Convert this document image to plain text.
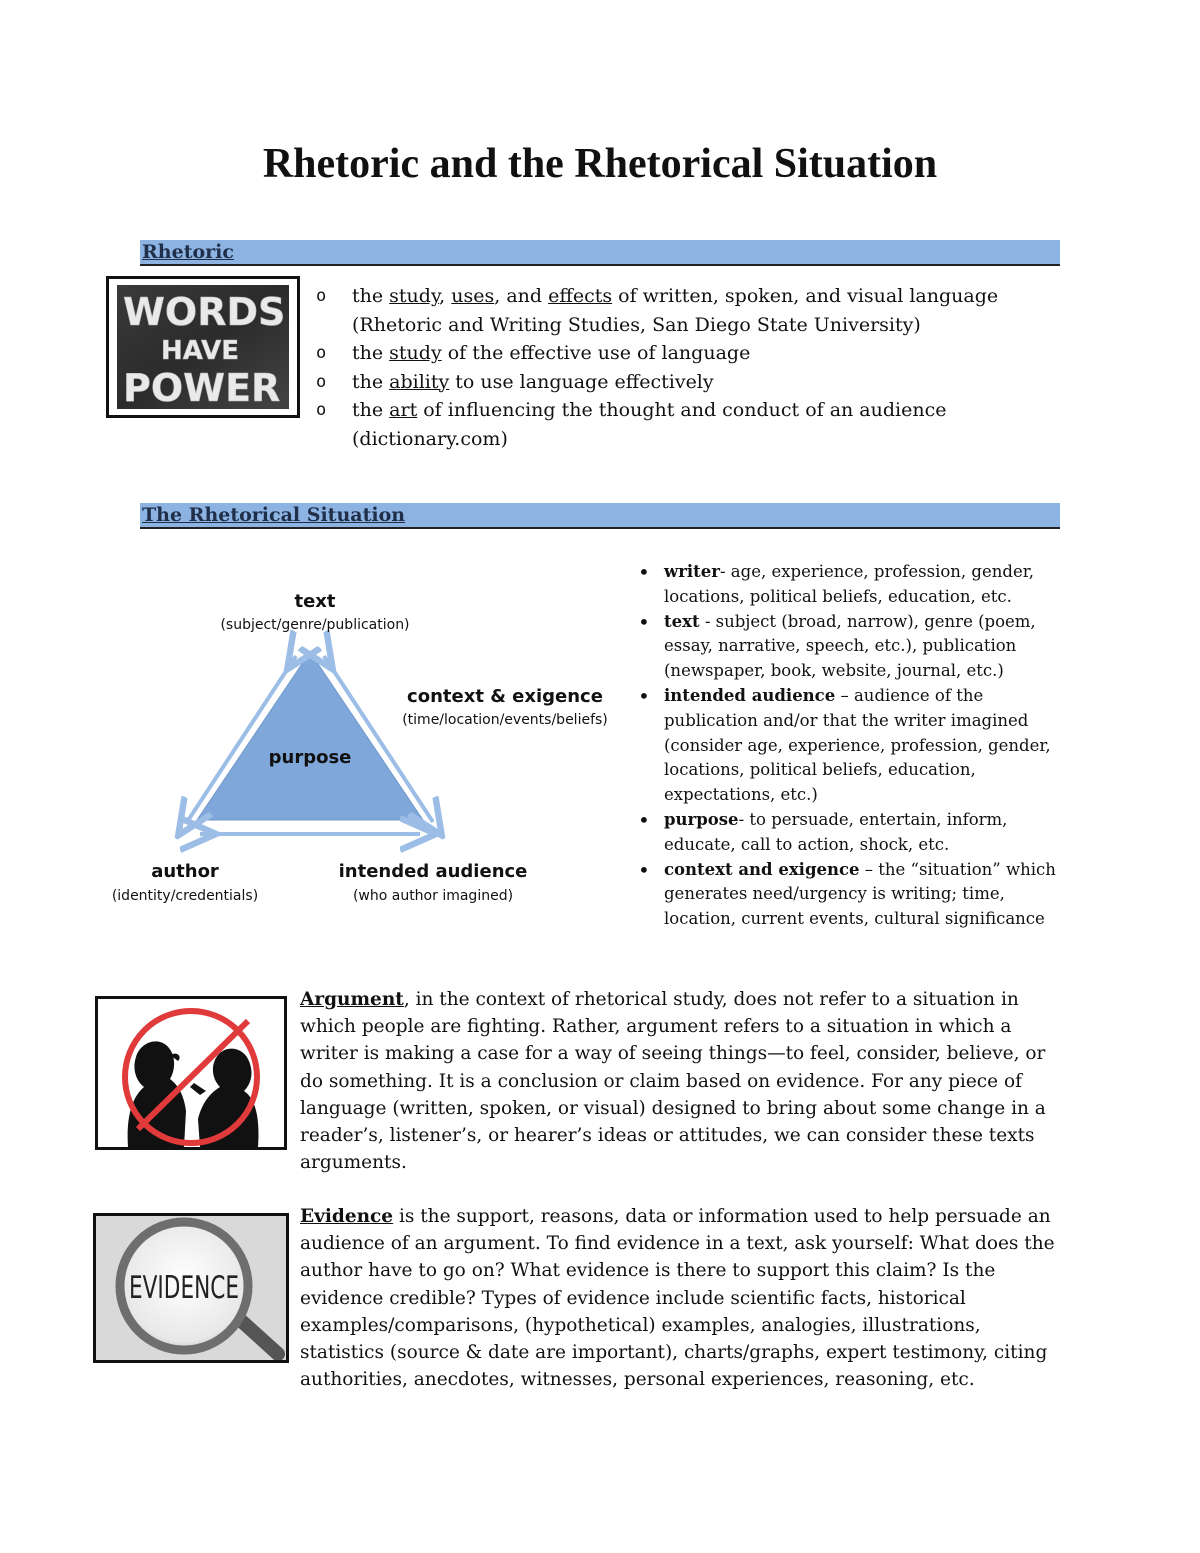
Rhetoric and the Rhetorical Situation
Rhetoric
WORDS
HAVE
POWER
o the study, uses, and effects of written, spoken, and visual language (Rhetoric and Writing Studies, San Diego State University)
o the study of the effective use of language
o the ability to use language effectively
o the art of influencing the thought and conduct of an audience (dictionary.com)
The Rhetorical Situation
text
(subject/genre/publication)
purpose
context & exigence
(time/location/events/beliefs)
author
(identity/credentials)
intended audience
(who author imagined)
• writer- age, experience, profession, gender, locations, political beliefs, education, etc.
• text - subject (broad, narrow), genre (poem, essay, narrative, speech, etc.), publication (newspaper, book, website, journal, etc.)
• intended audience – audience of the publication and/or that the writer imagined (consider age, experience, profession, gender, locations, political beliefs, education, expectations, etc.)
• purpose- to persuade, entertain, inform, educate, call to action, shock, etc.
• context and exigence – the “situation” which generates need/urgency is writing; time, location, current events, cultural significance
Argument, in the context of rhetorical study, does not refer to a situation in which people are fighting. Rather, argument refers to a situation in which a writer is making a case for a way of seeing things—to feel, consider, believe, or do something. It is a conclusion or claim based on evidence. For any piece of language (written, spoken, or visual) designed to bring about some change in a reader’s, listener’s, or hearer’s ideas or attitudes, we can consider these texts arguments.
EVIDENCE
Evidence is the support, reasons, data or information used to help persuade an audience of an argument. To find evidence in a text, ask yourself: What does the author have to go on? What evidence is there to support this claim? Is the evidence credible? Types of evidence include scientific facts, historical examples/comparisons, (hypothetical) examples, analogies, illustrations, statistics (source & date are important), charts/graphs, expert testimony, citing authorities, anecdotes, witnesses, personal experiences, reasoning, etc.
